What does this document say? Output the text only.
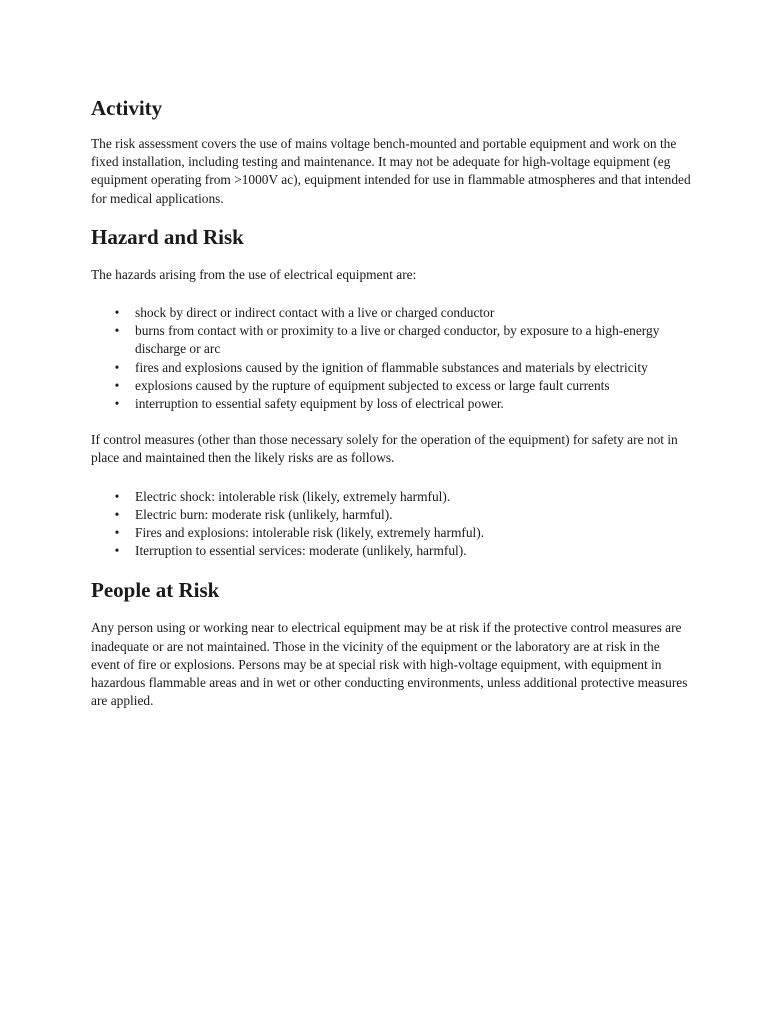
Activity

The risk assessment covers the use of mains voltage bench-mounted and portable equipment and work on the fixed installation, including testing and maintenance. It may not be adequate for high-voltage equipment (eg equipment operating from >1000V ac), equipment intended for use in flammable atmospheres and that intended for medical applications.

Hazard and Risk

The hazards arising from the use of electrical equipment are:

• shock by direct or indirect contact with a live or charged conductor
• burns from contact with or proximity to a live or charged conductor, by exposure to a high-energy discharge or arc
• fires and explosions caused by the ignition of flammable substances and materials by electricity
• explosions caused by the rupture of equipment subjected to excess or large fault currents
• interruption to essential safety equipment by loss of electrical power.

If control measures (other than those necessary solely for the operation of the equipment) for safety are not in place and maintained then the likely risks are as follows.

• Electric shock: intolerable risk (likely, extremely harmful).
• Electric burn: moderate risk (unlikely, harmful).
• Fires and explosions: intolerable risk (likely, extremely harmful).
• Iterruption to essential services: moderate (unlikely, harmful).
People at Risk

Any person using or working near to electrical equipment may be at risk if the protective control measures are inadequate or are not maintained. Those in the vicinity of the equipment or the laboratory are at risk in the event of fire or explosions. Persons may be at special risk with high-voltage equipment, with equipment in hazardous flammable areas and in wet or other conducting environments, unless additional protective measures are applied.
